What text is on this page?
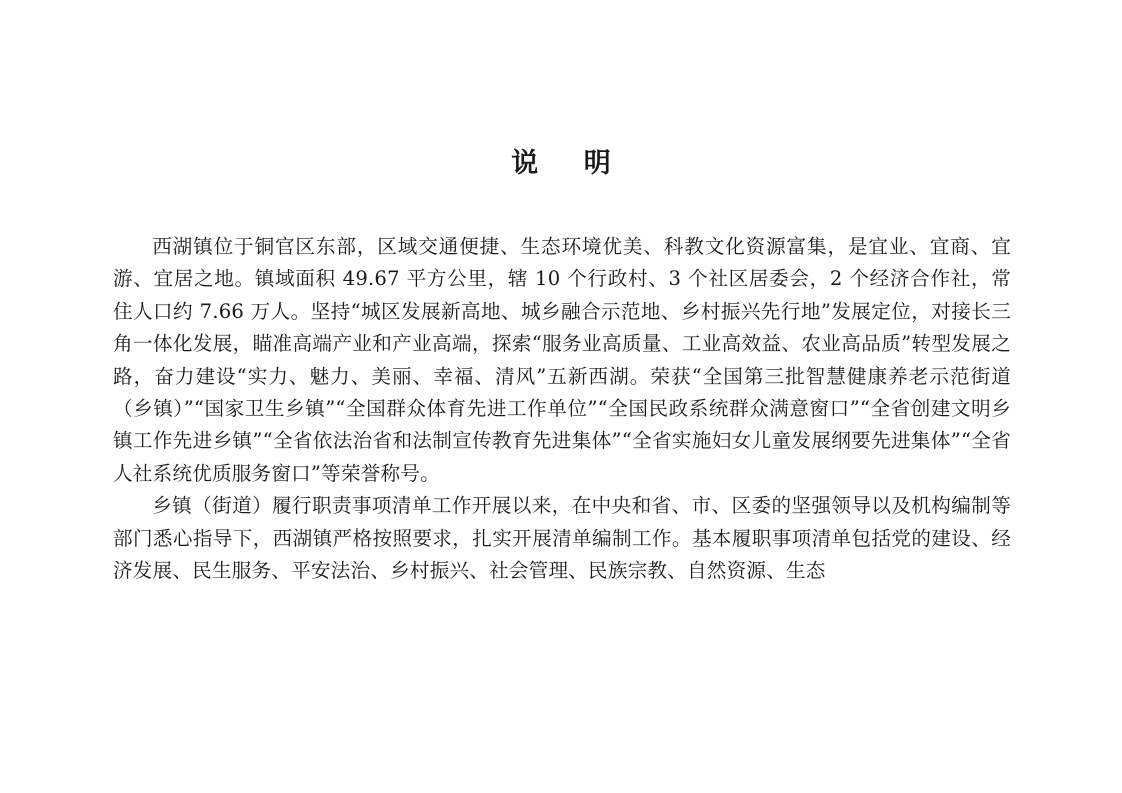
说 明

西湖镇位于铜官区东部，区域交通便捷、生态环境优美、科教文化资源富集，是宜业、宜商、宜游、宜居之地。镇域面积 49.67 平方公里，辖 10 个行政村、3 个社区居委会，2 个经济合作社，常住人口约 7.66 万人。坚持“城区发展新高地、城乡融合示范地、乡村振兴先行地”发展定位，对接长三角一体化发展，瞄准高端产业和产业高端，探索“服务业高质量、工业高效益、农业高品质”转型发展之路，奋力建设“实力、魅力、美丽、幸福、清风”五新西湖。荣获“全国第三批智慧健康养老示范街道（乡镇）”“国家卫生乡镇”“全国群众体育先进工作单位”“全国民政系统群众满意窗口”“全省创建文明乡镇工作先进乡镇”“全省依法治省和法制宣传教育先进集体”“全省实施妇女儿童发展纲要先进集体”“全省人社系统优质服务窗口”等荣誉称号。

乡镇（街道）履行职责事项清单工作开展以来，在中央和省、市、区委的坚强领导以及机构编制等部门悉心指导下，西湖镇严格按照要求，扎实开展清单编制工作。基本履职事项清单包括党的建设、经济发展、民生服务、平安法治、乡村振兴、社会管理、民族宗教、自然资源、生态
